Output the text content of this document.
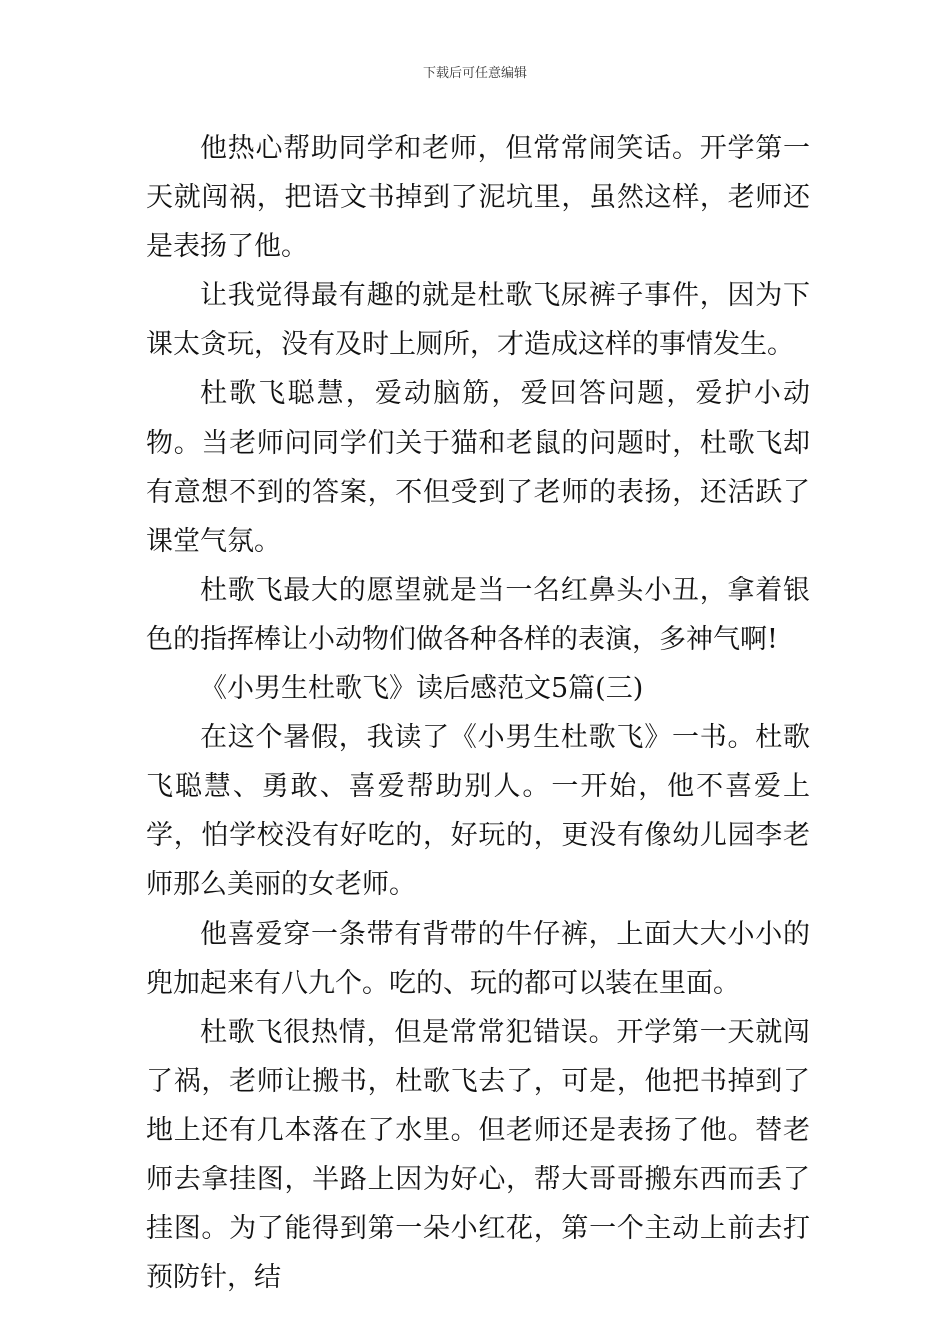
下载后可任意编辑

他热心帮助同学和老师，但常常闹笑话。开学第一天就闯祸，把语文书掉到了泥坑里，虽然这样，老师还是表扬了他。

让我觉得最有趣的就是杜歌飞尿裤子事件，因为下课太贪玩，没有及时上厕所，才造成这样的事情发生。

杜歌飞聪慧，爱动脑筋，爱回答问题，爱护小动物。当老师问同学们关于猫和老鼠的问题时，杜歌飞却有意想不到的答案，不但受到了老师的表扬，还活跃了课堂气氛。

杜歌飞最大的愿望就是当一名红鼻头小丑，拿着银色的指挥棒让小动物们做各种各样的表演，多神气啊!

《小男生杜歌飞》读后感范文5篇(三)

在这个暑假，我读了《小男生杜歌飞》一书。杜歌飞聪慧、勇敢、喜爱帮助别人。一开始，他不喜爱上学，怕学校没有好吃的，好玩的，更没有像幼儿园李老师那么美丽的女老师。

他喜爱穿一条带有背带的牛仔裤，上面大大小小的兜加起来有八九个。吃的、玩的都可以装在里面。

杜歌飞很热情，但是常常犯错误。开学第一天就闯了祸，老师让搬书，杜歌飞去了，可是，他把书掉到了地上还有几本落在了水里。但老师还是表扬了他。替老师去拿挂图，半路上因为好心，帮大哥哥搬东西而丢了挂图。为了能得到第一朵小红花，第一个主动上前去打预防针，结
